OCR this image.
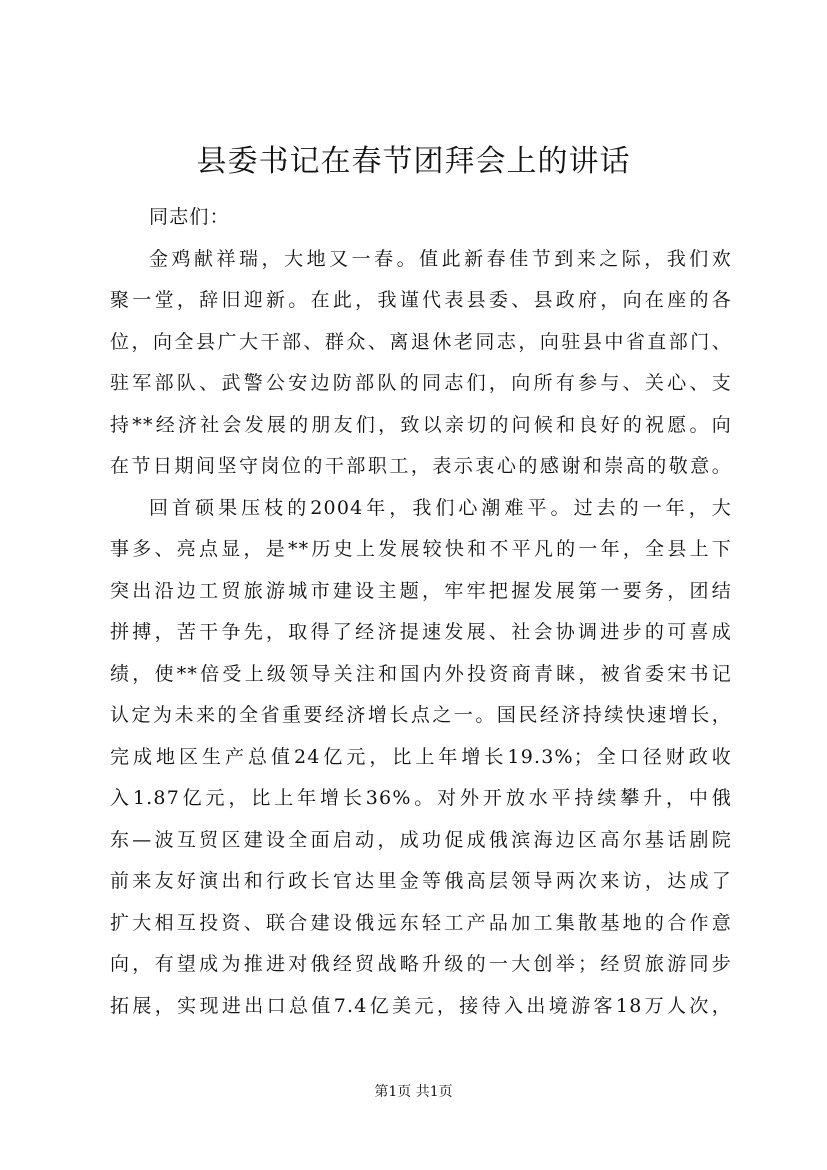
县委书记在春节团拜会上的讲话
同志们：
金鸡献祥瑞，大地又一春。值此新春佳节到来之际，我们欢
聚一堂，辞旧迎新。在此，我谨代表县委、县政府，向在座的各
位，向全县广大干部、群众、离退休老同志，向驻县中省直部门、
驻军部队、武警公安边防部队的同志们，向所有参与、关心、支
持**经济社会发展的朋友们，致以亲切的问候和良好的祝愿。向
在节日期间坚守岗位的干部职工，表示衷心的感谢和崇高的敬意。
回首硕果压枝的2004年，我们心潮难平。过去的一年，大
事多、亮点显，是**历史上发展较快和不平凡的一年，全县上下
突出沿边工贸旅游城市建设主题，牢牢把握发展第一要务，团结
拼搏，苦干争先，取得了经济提速发展、社会协调进步的可喜成
绩，使**倍受上级领导关注和国内外投资商青睐，被省委宋书记
认定为未来的全省重要经济增长点之一。国民经济持续快速增长，
完成地区生产总值24亿元，比上年增长19.3%；全口径财政收
入1.87亿元，比上年增长36%。对外开放水平持续攀升，中俄
东—波互贸区建设全面启动，成功促成俄滨海边区高尔基话剧院
前来友好演出和行政长官达里金等俄高层领导两次来访，达成了
扩大相互投资、联合建设俄远东轻工产品加工集散基地的合作意
向，有望成为推进对俄经贸战略升级的一大创举；经贸旅游同步
拓展，实现进出口总值7.4亿美元，接待入出境游客18万人次，
第1页 共1页
